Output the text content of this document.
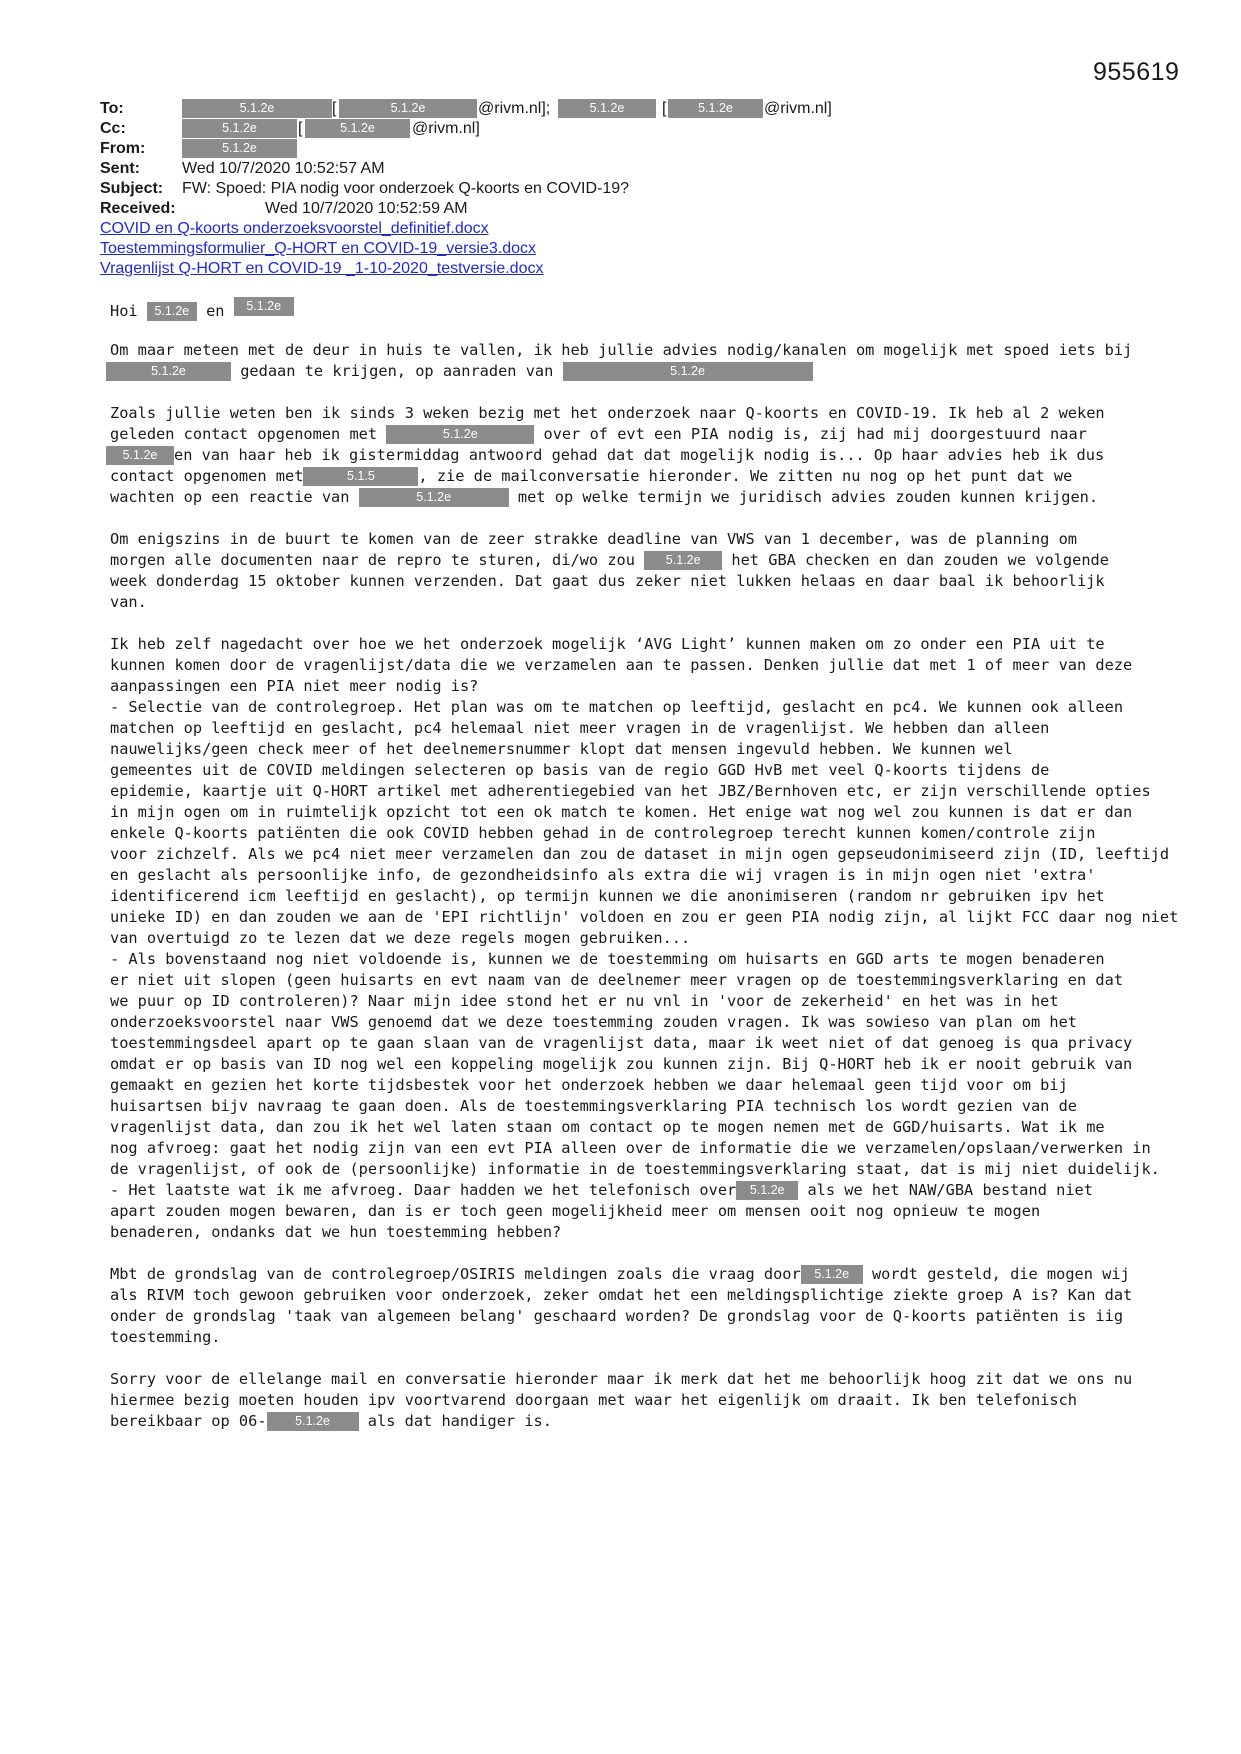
955619
To:	5.1.2e	[	5.1.2e	@rivm.nl];	5.1.2e	[	5.1.2e	@rivm.nl]
Cc:	5.1.2e	[	5.1.2e	@rivm.nl]
From:	5.1.2e
Sent:	Wed 10/7/2020 10:52:57 AM
Subject: FW: Spoed: PIA nodig voor onderzoek Q-koorts en COVID-19?
Received:	Wed 10/7/2020 10:52:59 AM
COVID en Q-koorts onderzoeksvoorstel_definitief.docx
Toestemmingsformulier_Q-HORT en COVID-19_versie3.docx
Vragenlijst Q-HORT en COVID-19 _1-10-2020_testversie.docx
Hoi 5.1.2e en 5.1.2e
Om maar meteen met de deur in huis te vallen, ik heb jullie advies nodig/kanalen om mogelijk met spoed iets bij
5.1.2e	gedaan te krijgen, op aanraden van	5.1.2e
Zoals jullie weten ben ik sinds 3 weken bezig met het onderzoek naar Q-koorts en COVID-19. Ik heb al 2 weken
geleden contact opgenomen met	5.1.2e	over of evt een PIA nodig is, zij had mij doorgestuurd naar
5.1.2e en van haar heb ik gistermiddag antwoord gehad dat dat mogelijk nodig is... Op haar advies heb ik dus
contact opgenomen met	5.1.5	, zie de mailconversatie hieronder. We zitten nu nog op het punt dat we
wachten op een reactie van	5.1.2e	met op welke termijn we juridisch advies zouden kunnen krijgen.
Om enigszins in de buurt te komen van de zeer strakke deadline van VWS van 1 december, was de planning om
morgen alle documenten naar de repro te sturen, di/wo zou 5.1.2e het GBA checken en dan zouden we volgende
week donderdag 15 oktober kunnen verzenden. Dat gaat dus zeker niet lukken helaas en daar baal ik behoorlijk
van.
Ik heb zelf nagedacht over hoe we het onderzoek mogelijk ‘AVG Light’ kunnen maken om zo onder een PIA uit te
kunnen komen door de vragenlijst/data die we verzamelen aan te passen. Denken jullie dat met 1 of meer van deze
aanpassingen een PIA niet meer nodig is?
- Selectie van de controlegroep. Het plan was om te matchen op leeftijd, geslacht en pc4. We kunnen ook alleen
matchen op leeftijd en geslacht, pc4 helemaal niet meer vragen in de vragenlijst. We hebben dan alleen
nauwelijks/geen check meer of het deelnemersnummer klopt dat mensen ingevuld hebben. We kunnen wel
gemeentes uit de COVID meldingen selecteren op basis van de regio GGD HvB met veel Q-koorts tijdens de
epidemie, kaartje uit Q-HORT artikel met adherentiegebied van het JBZ/Bernhoven etc, er zijn verschillende opties
in mijn ogen om in ruimtelijk opzicht tot een ok match te komen. Het enige wat nog wel zou kunnen is dat er dan
enkele Q-koorts patiënten die ook COVID hebben gehad in de controlegroep terecht kunnen komen/controle zijn
voor zichzelf. Als we pc4 niet meer verzamelen dan zou de dataset in mijn ogen gepseudonimiseerd zijn (ID, leeftijd
en geslacht als persoonlijke info, de gezondheidsinfo als extra die wij vragen is in mijn ogen niet 'extra'
identificerend icm leeftijd en geslacht), op termijn kunnen we die anonimiseren (random nr gebruiken ipv het
unieke ID) en dan zouden we aan de 'EPI richtlijn' voldoen en zou er geen PIA nodig zijn, al lijkt FCC daar nog niet
van overtuigd zo te lezen dat we deze regels mogen gebruiken...
- Als bovenstaand nog niet voldoende is, kunnen we de toestemming om huisarts en GGD arts te mogen benaderen
er niet uit slopen (geen huisarts en evt naam van de deelnemer meer vragen op de toestemmingsverklaring en dat
we puur op ID controleren)? Naar mijn idee stond het er nu vnl in 'voor de zekerheid' en het was in het
onderzoeksvoorstel naar VWS genoemd dat we deze toestemming zouden vragen. Ik was sowieso van plan om het
toestemmingsdeel apart op te gaan slaan van de vragenlijst data, maar ik weet niet of dat genoeg is qua privacy
omdat er op basis van ID nog wel een koppeling mogelijk zou kunnen zijn. Bij Q-HORT heb ik er nooit gebruik van
gemaakt en gezien het korte tijdsbestek voor het onderzoek hebben we daar helemaal geen tijd voor om bij
huisartsen bijv navraag te gaan doen. Als de toestemmingsverklaring PIA technisch los wordt gezien van de
vragenlijst data, dan zou ik het wel laten staan om contact op te mogen nemen met de GGD/huisarts. Wat ik me
nog afvroeg: gaat het nodig zijn van een evt PIA alleen over de informatie die we verzamelen/opslaan/verwerken in
de vragenlijst, of ook de (persoonlijke) informatie in de toestemmingsverklaring staat, dat is mij niet duidelijk.
- Het laatste wat ik me afvroeg. Daar hadden we het telefonisch over 5.1.2e als we het NAW/GBA bestand niet
apart zouden mogen bewaren, dan is er toch geen mogelijkheid meer om mensen ooit nog opnieuw te mogen
benaderen, ondanks dat we hun toestemming hebben?
Mbt de grondslag van de controlegroep/OSIRIS meldingen zoals die vraag door 5.1.2e wordt gesteld, die mogen wij
als RIVM toch gewoon gebruiken voor onderzoek, zeker omdat het een meldingsplichtige ziekte groep A is? Kan dat
onder de grondslag 'taak van algemeen belang' geschaard worden? De grondslag voor de Q-koorts patiënten is iig
toestemming.
Sorry voor de ellelange mail en conversatie hieronder maar ik merk dat het me behoorlijk hoog zit dat we ons nu
hiermee bezig moeten houden ipv voortvarend doorgaan met waar het eigenlijk om draait. Ik ben telefonisch
bereikbaar op 06- 5.1.2e als dat handiger is.
